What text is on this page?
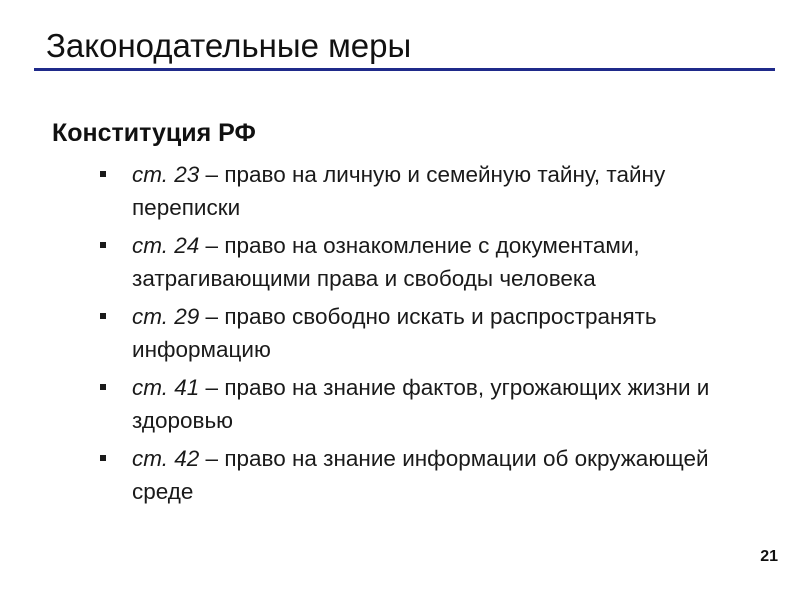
Законодательные меры
Конституция РФ
ст. 23 – право на личную и семейную тайну, тайну переписки
ст. 24 – право на ознакомление с документами, затрагивающими права и свободы человека
ст. 29 – право свободно искать и распространять информацию
ст. 41 – право на знание фактов, угрожающих жизни и здоровью
ст. 42 – право на знание информации об окружающей среде
21
